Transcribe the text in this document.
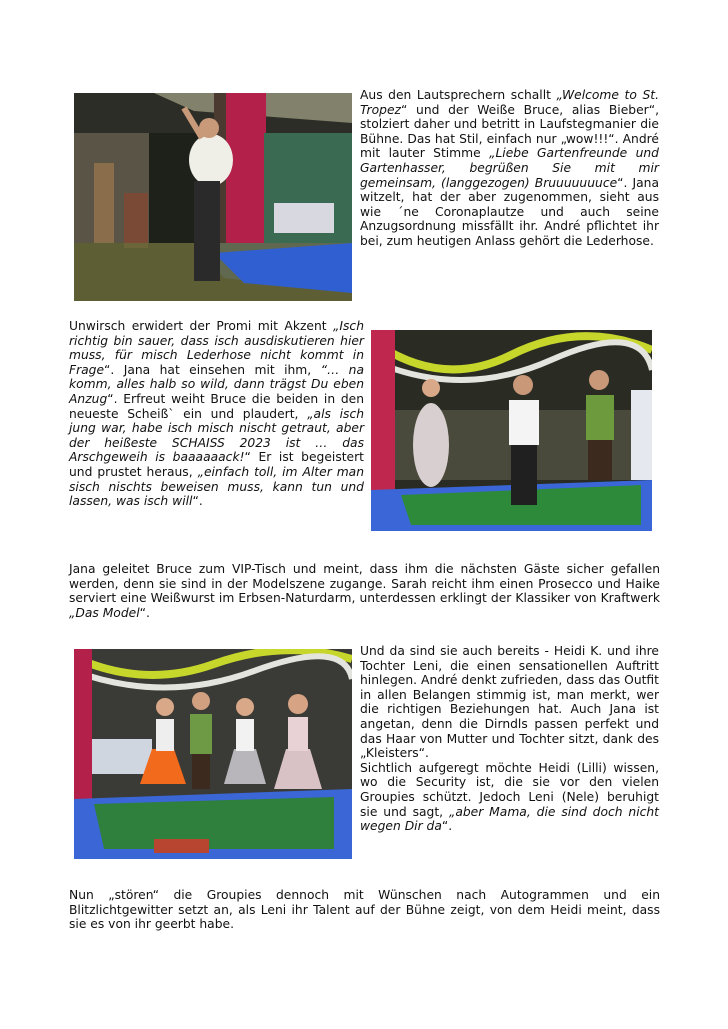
Aus den Lautsprechern schallt „Welcome to St. Tropez“ und der Weiße Bruce, alias Bieber“, stolziert daher und betritt in Laufstegmanier die Bühne. Das hat Stil, einfach nur „wow!!!“. André mit lauter Stimme „Liebe Gartenfreunde und Gartenhasser, begrüßen Sie mit mir gemeinsam, (langgezogen) Bruuuuuuuce“. Jana witzelt, hat der aber zugenommen, sieht aus wie ´ne Coronaplautze und auch seine Anzugsordnung missfällt ihr. André pflichtet ihr bei, zum heutigen Anlass gehört die Lederhose.

Unwirsch erwidert der Promi mit Akzent „Isch richtig bin sauer, dass isch ausdiskutieren hier muss, für misch Lederhose nicht kommt in Frage“. Jana hat einsehen mit ihm, “… na komm, alles halb so wild, dann trägst Du eben Anzug“. Erfreut weiht Bruce die beiden in den neueste Scheiß` ein und plaudert, „als isch jung war, habe isch misch nischt getraut, aber der heißeste SCHAISS 2023 ist … das Arschgeweih is baaaaaack!“ Er ist begeistert und prustet heraus, „einfach toll, im Alter man sisch nischts beweisen muss, kann tun und lassen, was isch will“.

Jana geleitet Bruce zum VIP-Tisch und meint, dass ihm die nächsten Gäste sicher gefallen werden, denn sie sind in der Modelszene zugange. Sarah reicht ihm einen Prosecco und Haike serviert eine Weißwurst im Erbsen-Naturdarm, unterdessen erklingt der Klassiker von Kraftwerk „Das Model“.

Und da sind sie auch bereits - Heidi K. und ihre Tochter Leni, die einen sensationellen Auftritt hinlegen. André denkt zufrieden, dass das Outfit in allen Belangen stimmig ist, man merkt, wer die richtigen Beziehungen hat. Auch Jana ist angetan, denn die Dirndls passen perfekt und das Haar von Mutter und Tochter sitzt, dank des „Kleisters“.

Sichtlich aufgeregt möchte Heidi (Lilli) wissen, wo die Security ist, die sie vor den vielen Groupies schützt. Jedoch Leni (Nele) beruhigt sie und sagt, „aber Mama, die sind doch nicht wegen Dir da“.

Nun „stören“ die Groupies dennoch mit Wünschen nach Autogrammen und ein Blitzlichtgewitter setzt an, als Leni ihr Talent auf der Bühne zeigt, von dem Heidi meint, dass sie es von ihr geerbt habe.
